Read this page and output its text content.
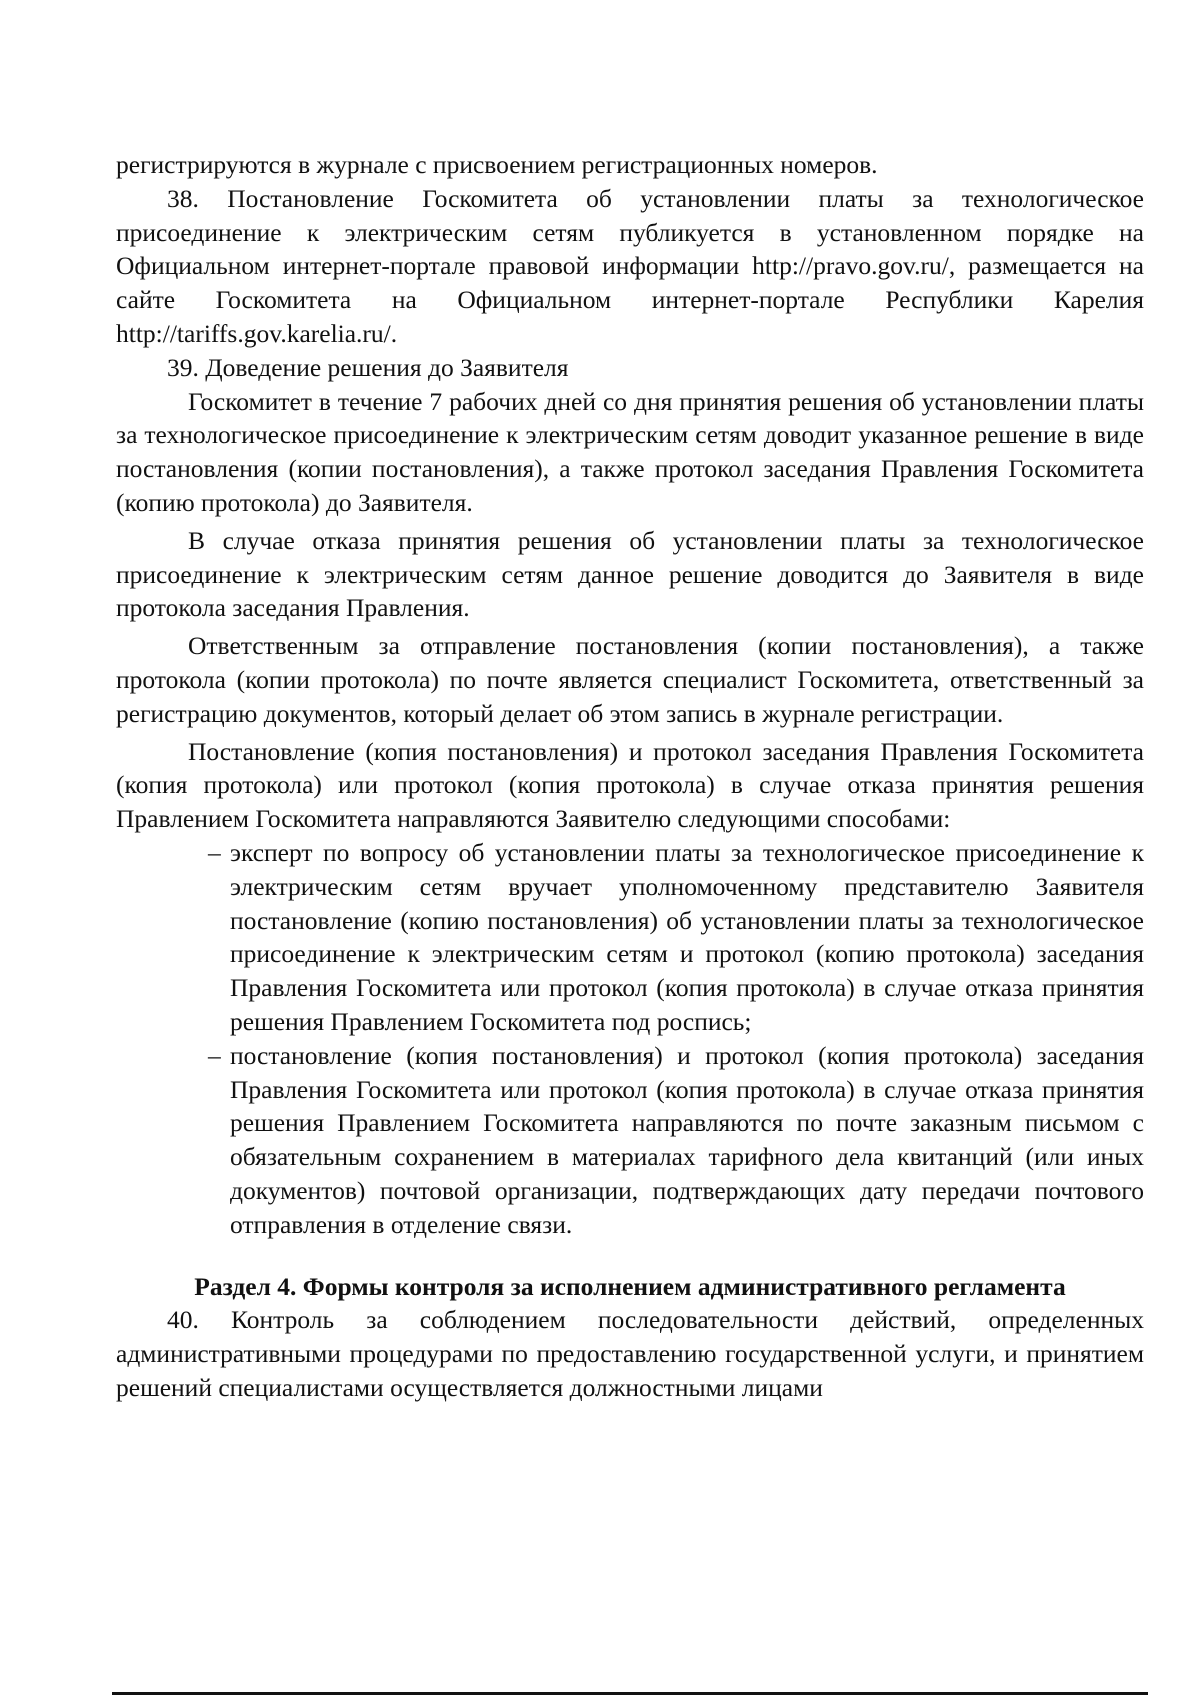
регистрируются в журнале с присвоением регистрационных номеров.

38. Постановление Госкомитета об установлении платы за технологическое присоединение к электрическим сетям публикуется в установленном порядке на Официальном интернет-портале правовой информации http://pravo.gov.ru/, размещается на сайте Госкомитета на Официальном интернет-портале Республики Карелия http://tariffs.gov.karelia.ru/.

39. Доведение решения до Заявителя

Госкомитет в течение 7 рабочих дней со дня принятия решения об установлении платы за технологическое присоединение к электрическим сетям доводит указанное решение в виде постановления (копии постановления), а также протокол заседания Правления Госкомитета (копию протокола) до Заявителя.

В случае отказа принятия решения об установлении платы за технологическое присоединение к электрическим сетям данное решение доводится до Заявителя в виде протокола заседания Правления.

Ответственным за отправление постановления (копии постановления), а также протокола (копии протокола) по почте является специалист Госкомитета, ответственный за регистрацию документов, который делает об этом запись в журнале регистрации.

Постановление (копия постановления) и протокол заседания Правления Госкомитета (копия протокола) или протокол (копия протокола) в случае отказа принятия решения Правлением Госкомитета направляются Заявителю следующими способами:

– эксперт по вопросу об установлении платы за технологическое присоединение к электрическим сетям вручает уполномоченному представителю Заявителя постановление (копию постановления) об установлении платы за технологическое присоединение к электрическим сетям и протокол (копию протокола) заседания Правления Госкомитета или протокол (копия протокола) в случае отказа принятия решения Правлением Госкомитета под роспись;
– постановление (копия постановления) и протокол (копия протокола) заседания Правления Госкомитета или протокол (копия протокола) в случае отказа принятия решения Правлением Госкомитета направляются по почте заказным письмом с обязательным сохранением в материалах тарифного дела квитанций (или иных документов) почтовой организации, подтверждающих дату передачи почтового отправления в отделение связи.
Раздел 4. Формы контроля за исполнением административного регламента

40. Контроль за соблюдением последовательности действий, определенных административными процедурами по предоставлению государственной услуги, и принятием решений специалистами осуществляется должностными лицами
